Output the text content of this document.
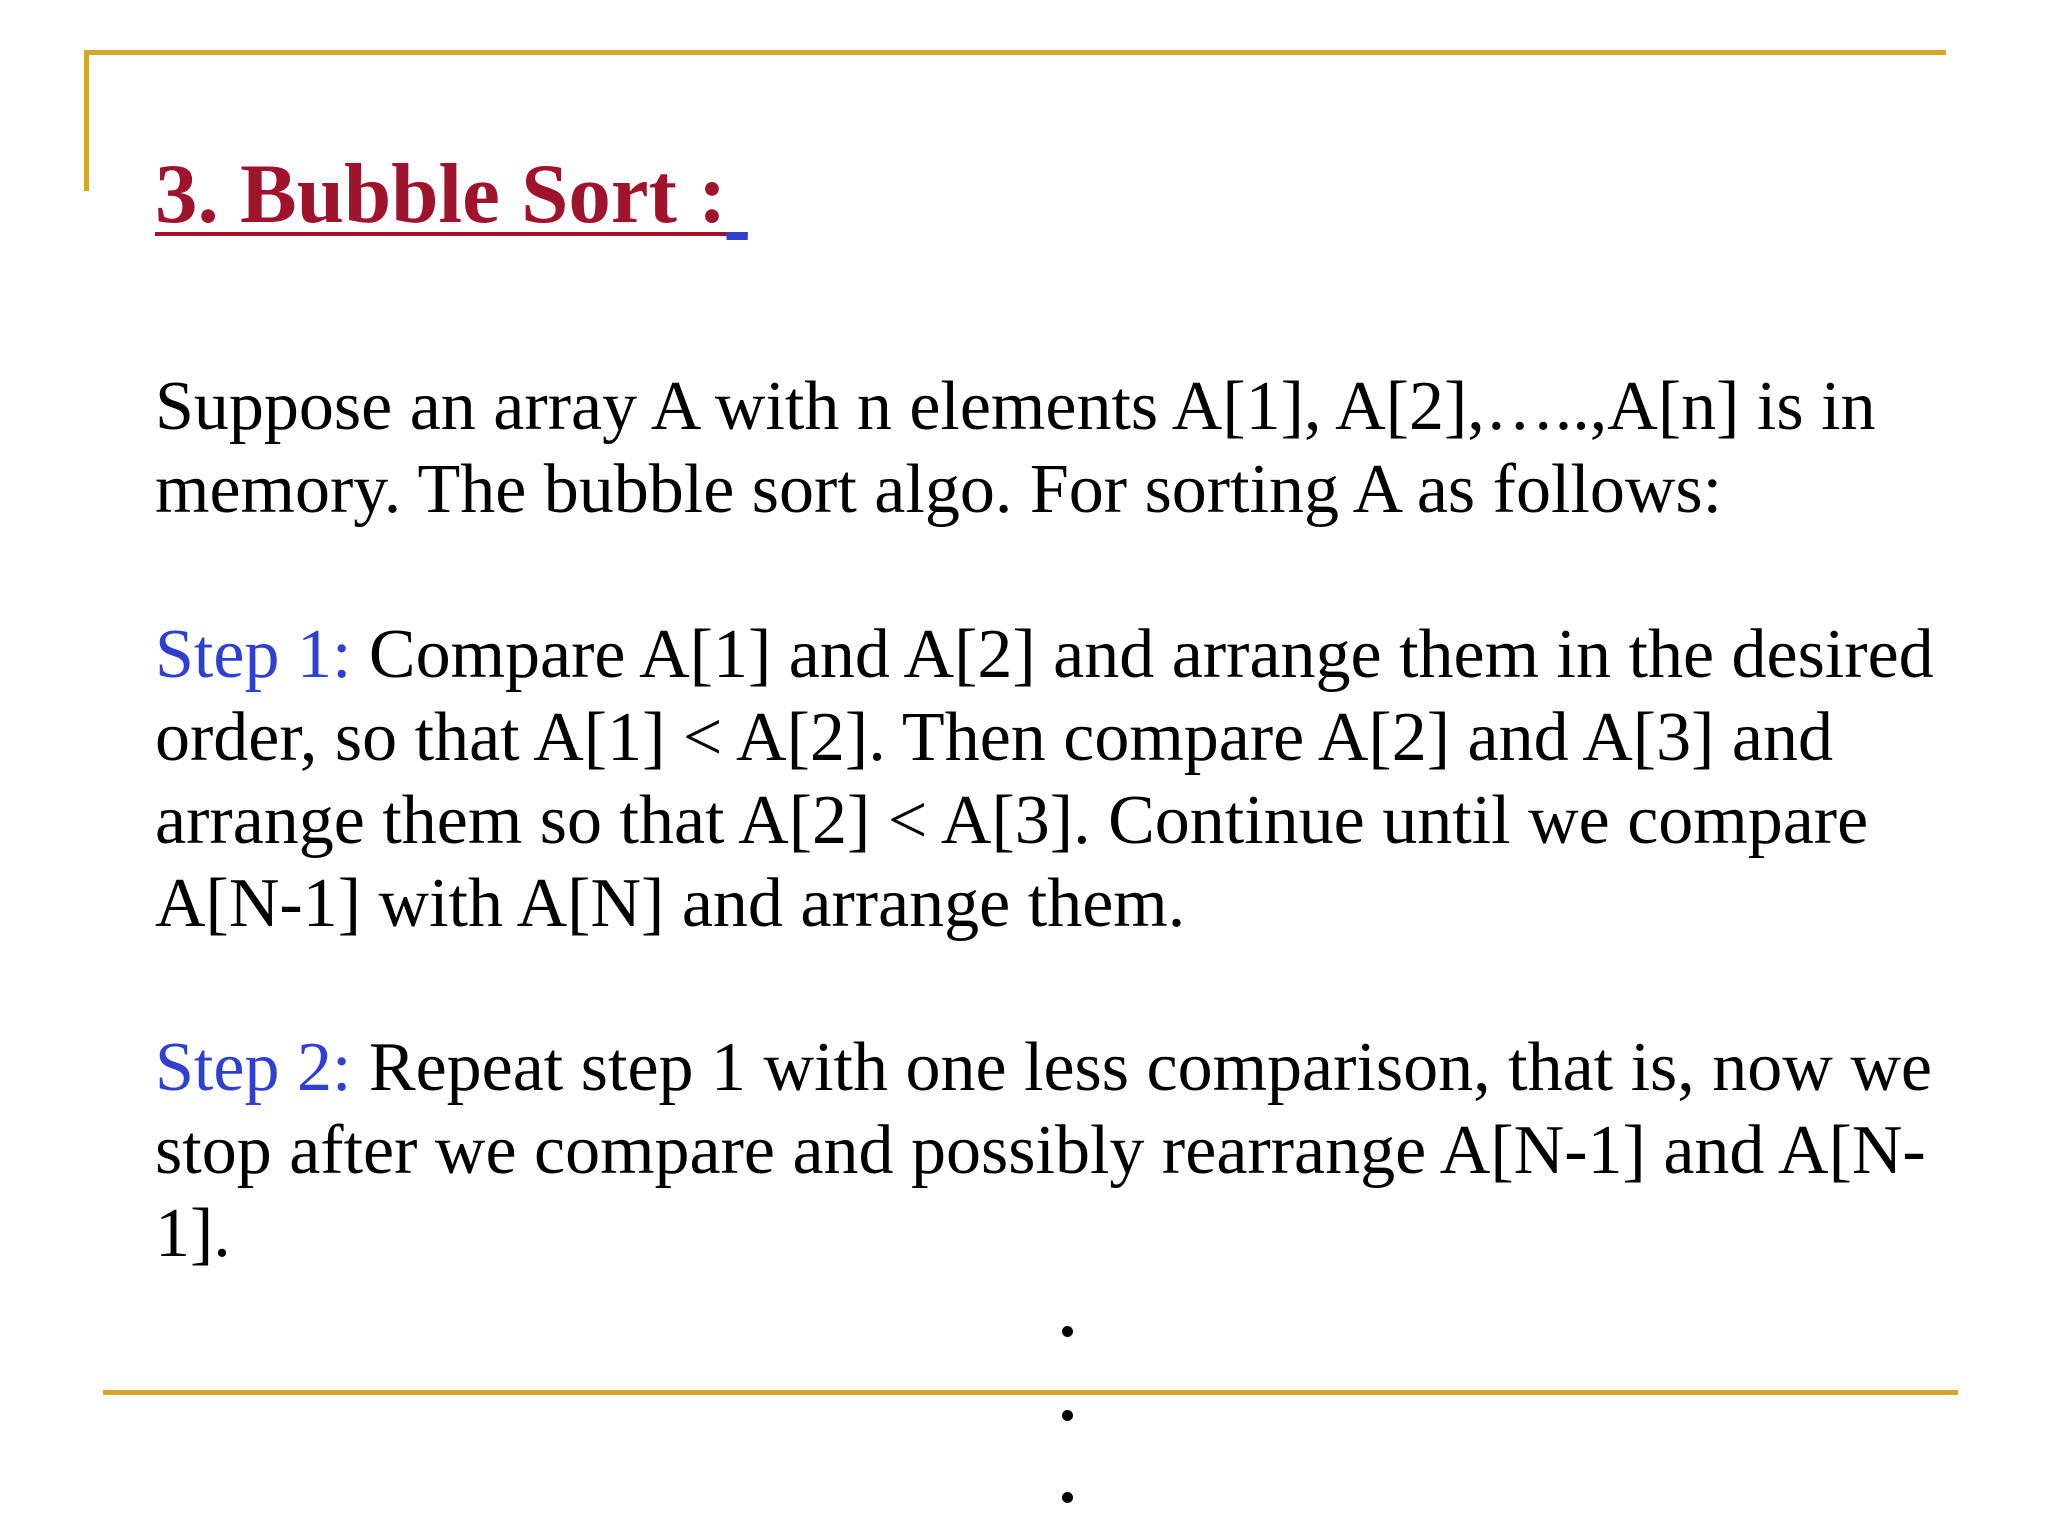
3. Bubble Sort :
Suppose an array A with n elements A[1], A[2],…..,A[n] is in
memory. The bubble sort algo. For sorting A as follows:
Step 1: Compare A[1] and A[2] and arrange them in the desired
order, so that A[1] < A[2]. Then compare A[2] and A[3] and
arrange them so that A[2] < A[3]. Continue until we compare
A[N-1] with A[N] and arrange them.
Step 2: Repeat step 1 with one less comparison, that is, now we
stop after we compare and possibly rearrange A[N-1] and A[N-
1].
